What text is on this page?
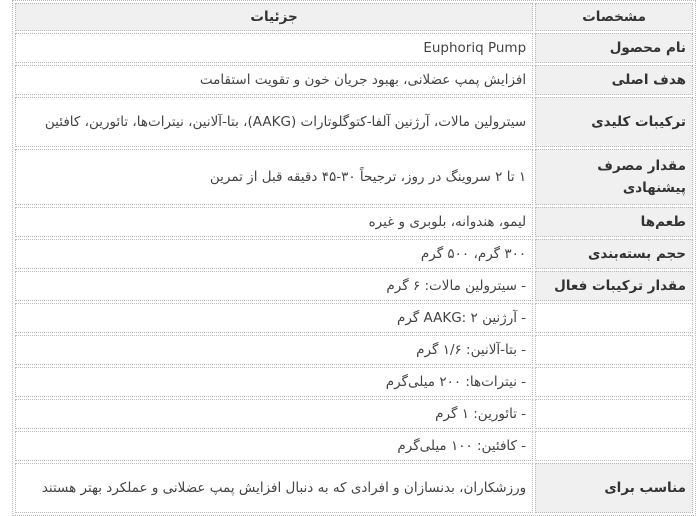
مشخصات	جزئیات
نام محصول	Euphoriq Pump
هدف اصلی	افزایش پمپ عضلانی، بهبود جریان خون و تقویت استقامت
ترکیبات کلیدی	سیترولین مالات، آرژنین آلفا-کتوگلوتارات (AAKG)، بتا-آلانین، نیترات‌ها، تائورین، کافئین
مقدار مصرف پیشنهادی	۱ تا ۲ سروینگ در روز، ترجیحاً ۳۰-۴۵ دقیقه قبل از تمرین
طعم‌ها	لیمو، هندوانه، بلوبری و غیره
حجم بسته‌بندی	۳۰۰ گرم، ۵۰۰ گرم
مقدار ترکیبات فعال	- سیترولین مالات: ۶ گرم
	- آرژنین AAKG: ۲ گرم
	- بتا-آلانین: ۱/۶ گرم
	- نیترات‌ها: ۲۰۰ میلی‌گرم
	- تائورین: ۱ گرم
	- کافئین: ۱۰۰ میلی‌گرم
مناسب برای	ورزشکاران، بدنسازان و افرادی که به دنبال افزایش پمپ عضلانی و عملکرد بهتر هستند
